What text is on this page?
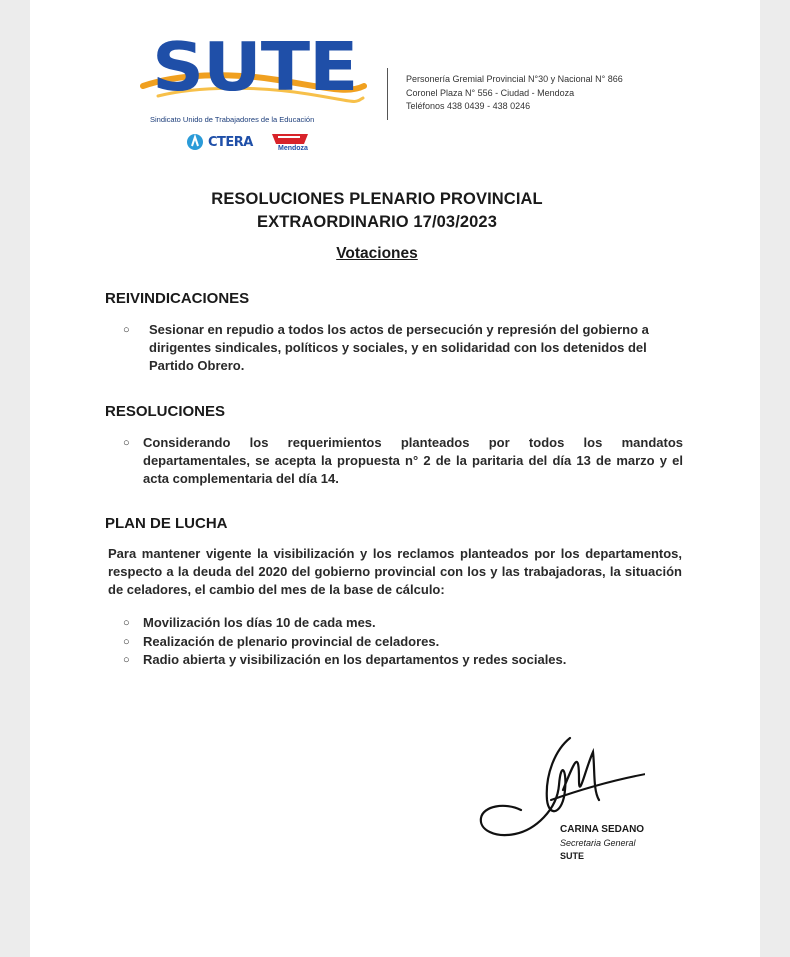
SUTE
Sindicato Unido de Trabajadores de la Educación
CTERA	Mendoza
Personería Gremial Provincial N°30 y Nacional N° 866
Coronel Plaza N° 556 - Ciudad - Mendoza
Teléfonos 438 0439 - 438 0246
RESOLUCIONES PLENARIO PROVINCIAL
EXTRAORDINARIO 17/03/2023
Votaciones
REIVINDICACIONES
○ Sesionar en repudio a todos los actos de persecución y represión del gobierno a dirigentes sindicales, políticos y sociales, y en solidaridad con los detenidos del Partido Obrero.
RESOLUCIONES
○ Considerando los requerimientos planteados por todos los mandatos departamentales, se acepta la propuesta n° 2 de la paritaria del día 13 de marzo y el acta complementaria del día 14.
PLAN DE LUCHA
Para mantener vigente la visibilización y los reclamos planteados por los departamentos, respecto a la deuda del 2020 del gobierno provincial con los y las trabajadoras, la situación de celadores, el cambio del mes de la base de cálculo:
○ Movilización los días 10 de cada mes.
○ Realización de plenario provincial de celadores.
○ Radio abierta y visibilización en los departamentos y redes sociales.
CARINA SEDANO
Secretaria General
SUTE
